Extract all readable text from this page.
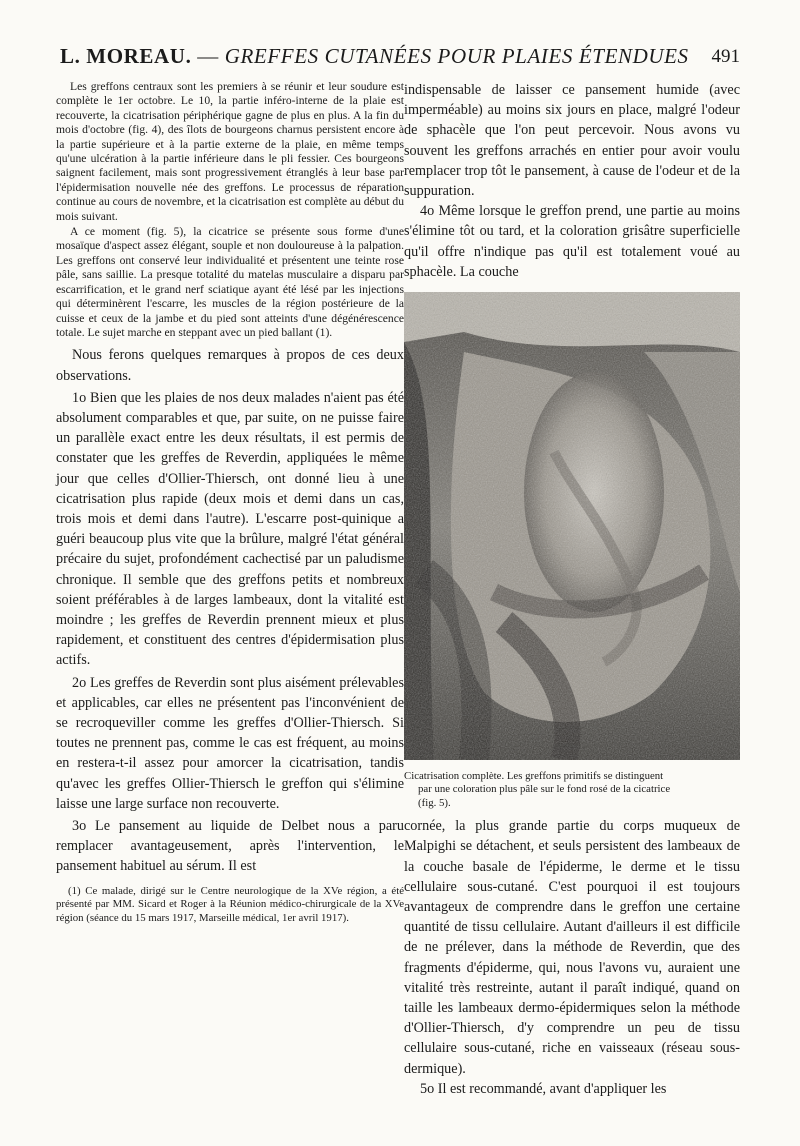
L. MOREAU. — GREFFES CUTANÉES POUR PLAIES ÉTENDUES 491

Les greffons centraux sont les premiers à se réunir et leur soudure est complète le 1er octobre. Le 10, la partie inféro-interne de la plaie est recouverte, la cicatrisation périphérique gagne de plus en plus. A la fin du mois d'octobre (fig. 4), des îlots de bourgeons charnus persistent encore à la partie supérieure et à la partie externe de la plaie, en même temps qu'une ulcération à la partie inférieure dans le pli fessier. Ces bourgeons saignent facilement, mais sont progressivement étranglés à leur base par l'épidermisation nouvelle née des greffons. Le processus de réparation continue au cours de novembre, et la cicatrisation est complète au début du mois suivant.

A ce moment (fig. 5), la cicatrice se présente sous forme d'une mosaïque d'aspect assez élégant, souple et non douloureuse à la palpation. Les greffons ont conservé leur individualité et présentent une teinte rose pâle, sans saillie. La presque totalité du matelas musculaire a disparu par escarrification, et le grand nerf sciatique ayant été lésé par les injections qui déterminèrent l'escarre, les muscles de la région postérieure de la cuisse et ceux de la jambe et du pied sont atteints d'une dégénérescence totale. Le sujet marche en steppant avec un pied ballant (1).

Nous ferons quelques remarques à propos de ces deux observations.

1o Bien que les plaies de nos deux malades n'aient pas été absolument comparables et que, par suite, on ne puisse faire un parallèle exact entre les deux résultats, il est permis de constater que les greffes de Reverdin, appliquées le même jour que celles d'Ollier-Thiersch, ont donné lieu à une cicatrisation plus rapide (deux mois et demi dans un cas, trois mois et demi dans l'autre). L'escarre post-quinique a guéri beaucoup plus vite que la brûlure, malgré l'état général précaire du sujet, profondément cachectisé par un paludisme chronique. Il semble que des greffons petits et nombreux soient préférables à de larges lambeaux, dont la vitalité est moindre ; les greffes de Reverdin prennent mieux et plus rapidement, et constituent des centres d'épidermisation plus actifs.

2o Les greffes de Reverdin sont plus aisément prélevables et applicables, car elles ne présentent pas l'inconvénient de se recroqueviller comme les greffes d'Ollier-Thiersch. Si toutes ne prennent pas, comme le cas est fréquent, au moins en restera-t-il assez pour amorcer la cicatrisation, tandis qu'avec les greffes Ollier-Thiersch le greffon qui s'élimine laisse une large surface non recouverte.

3o Le pansement au liquide de Delbet nous a paru remplacer avantageusement, après l'intervention, le pansement habituel au sérum. Il est

(1) Ce malade, dirigé sur le Centre neurologique de la XVe région, a été présenté par MM. Sicard et Roger à la Réunion médico-chirurgicale de la XVe région (séance du 15 mars 1917, Marseille médical, 1er avril 1917).

indispensable de laisser ce pansement humide (avec imperméable) au moins six jours en place, malgré l'odeur de sphacèle que l'on peut percevoir. Nous avons vu souvent les greffons arrachés en entier pour avoir voulu remplacer trop tôt le pansement, à cause de l'odeur et de la suppuration.

4o Même lorsque le greffon prend, une partie au moins s'élimine tôt ou tard, et la coloration grisâtre superficielle qu'il offre n'indique pas qu'il est totalement voué au sphacèle. La couche

Cicatrisation complète. Les greffons primitifs se distinguent
par une coloration plus pâle sur le fond rosé de la cicatrice
(fig. 5).

cornée, la plus grande partie du corps muqueux de Malpighi se détachent, et seuls persistent des lambeaux de la couche basale de l'épiderme, le derme et le tissu cellulaire sous-cutané. C'est pourquoi il est toujours avantageux de comprendre dans le greffon une certaine quantité de tissu cellulaire. Autant d'ailleurs il est difficile de ne prélever, dans la méthode de Reverdin, que des fragments d'épiderme, qui, nous l'avons vu, auraient une vitalité très restreinte, autant il paraît indiqué, quand on taille les lambeaux dermo-épidermiques selon la méthode d'Ollier-Thiersch, d'y comprendre un peu de tissu cellulaire sous-cutané, riche en vaisseaux (réseau sous-dermique).

5o Il est recommandé, avant d'appliquer les
